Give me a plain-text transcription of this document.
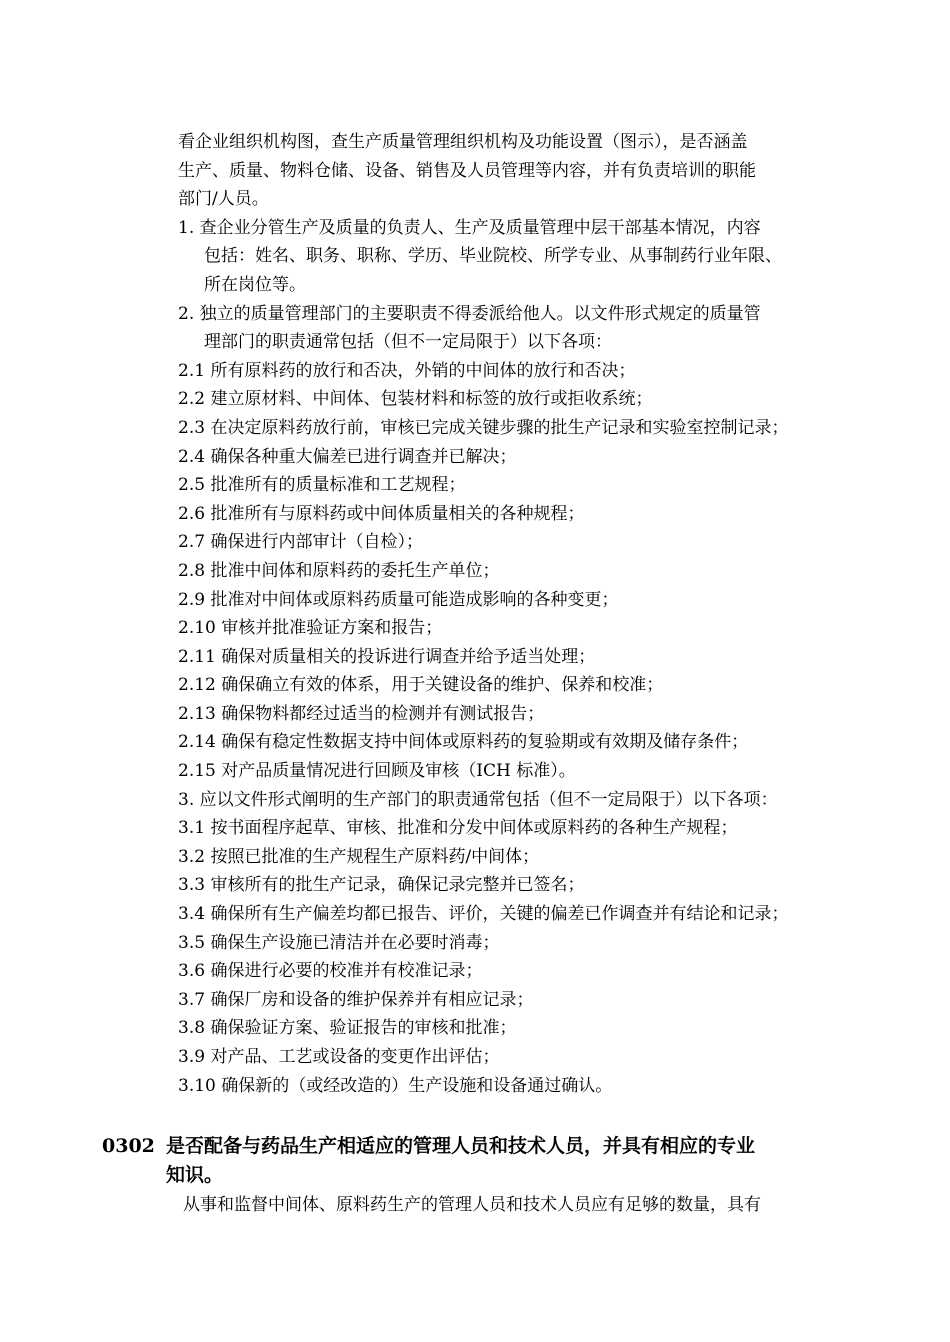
看企业组织机构图，查生产质量管理组织机构及功能设置（图示），是否涵盖
生产、质量、物料仓储、设备、销售及人员管理等内容，并有负责培训的职能
部门/人员。
1. 查企业分管生产及质量的负责人、生产及质量管理中层干部基本情况，内容
包括：姓名、职务、职称、学历、毕业院校、所学专业、从事制药行业年限、
所在岗位等。
2. 独立的质量管理部门的主要职责不得委派给他人。以文件形式规定的质量管
理部门的职责通常包括（但不一定局限于）以下各项：
2.1 所有原料药的放行和否决，外销的中间体的放行和否决；
2.2 建立原材料、中间体、包装材料和标签的放行或拒收系统；
2.3 在决定原料药放行前，审核已完成关键步骤的批生产记录和实验室控制记录；
2.4 确保各种重大偏差已进行调查并已解决；
2.5 批准所有的质量标准和工艺规程；
2.6 批准所有与原料药或中间体质量相关的各种规程；
2.7 确保进行内部审计（自检）；
2.8 批准中间体和原料药的委托生产单位；
2.9 批准对中间体或原料药质量可能造成影响的各种变更；
2.10 审核并批准验证方案和报告；
2.11 确保对质量相关的投诉进行调查并给予适当处理；
2.12 确保确立有效的体系，用于关键设备的维护、保养和校准；
2.13 确保物料都经过适当的检测并有测试报告；
2.14 确保有稳定性数据支持中间体或原料药的复验期或有效期及储存条件；
2.15 对产品质量情况进行回顾及审核（ICH 标准）。
3. 应以文件形式阐明的生产部门的职责通常包括（但不一定局限于）以下各项：
3.1 按书面程序起草、审核、批准和分发中间体或原料药的各种生产规程；
3.2 按照已批准的生产规程生产原料药/中间体；
3.3 审核所有的批生产记录，确保记录完整并已签名；
3.4 确保所有生产偏差均都已报告、评价，关键的偏差已作调查并有结论和记录；
3.5 确保生产设施已清洁并在必要时消毒；
3.6 确保进行必要的校准并有校准记录；
3.7 确保厂房和设备的维护保养并有相应记录；
3.8 确保验证方案、验证报告的审核和批准；
3.9 对产品、工艺或设备的变更作出评估；
3.10 确保新的（或经改造的）生产设施和设备通过确认。
0302 是否配备与药品生产相适应的管理人员和技术人员，并具有相应的专业
知识。
从事和监督中间体、原料药生产的管理人员和技术人员应有足够的数量，具有
